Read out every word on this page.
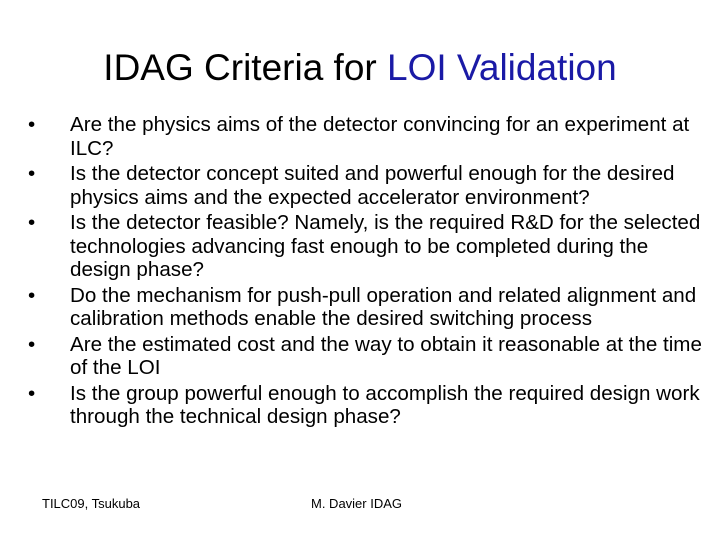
IDAG Criteria for LOI Validation
•	Are the physics aims of the detector convincing for an experiment at ILC?
•	Is the detector concept suited and powerful enough for the desired physics aims and the expected accelerator environment?
•	Is the detector feasible? Namely, is the required R&D for the selected technologies advancing fast enough to be completed during the design phase?
•	Do the mechanism for push-pull operation and related alignment and calibration methods enable the desired switching process
•	Are the estimated cost and the way to obtain it reasonable at the time of the LOI
•	Is the group powerful enough to accomplish the required design work through the technical design phase?
TILC09, Tsukuba	M. Davier IDAG
